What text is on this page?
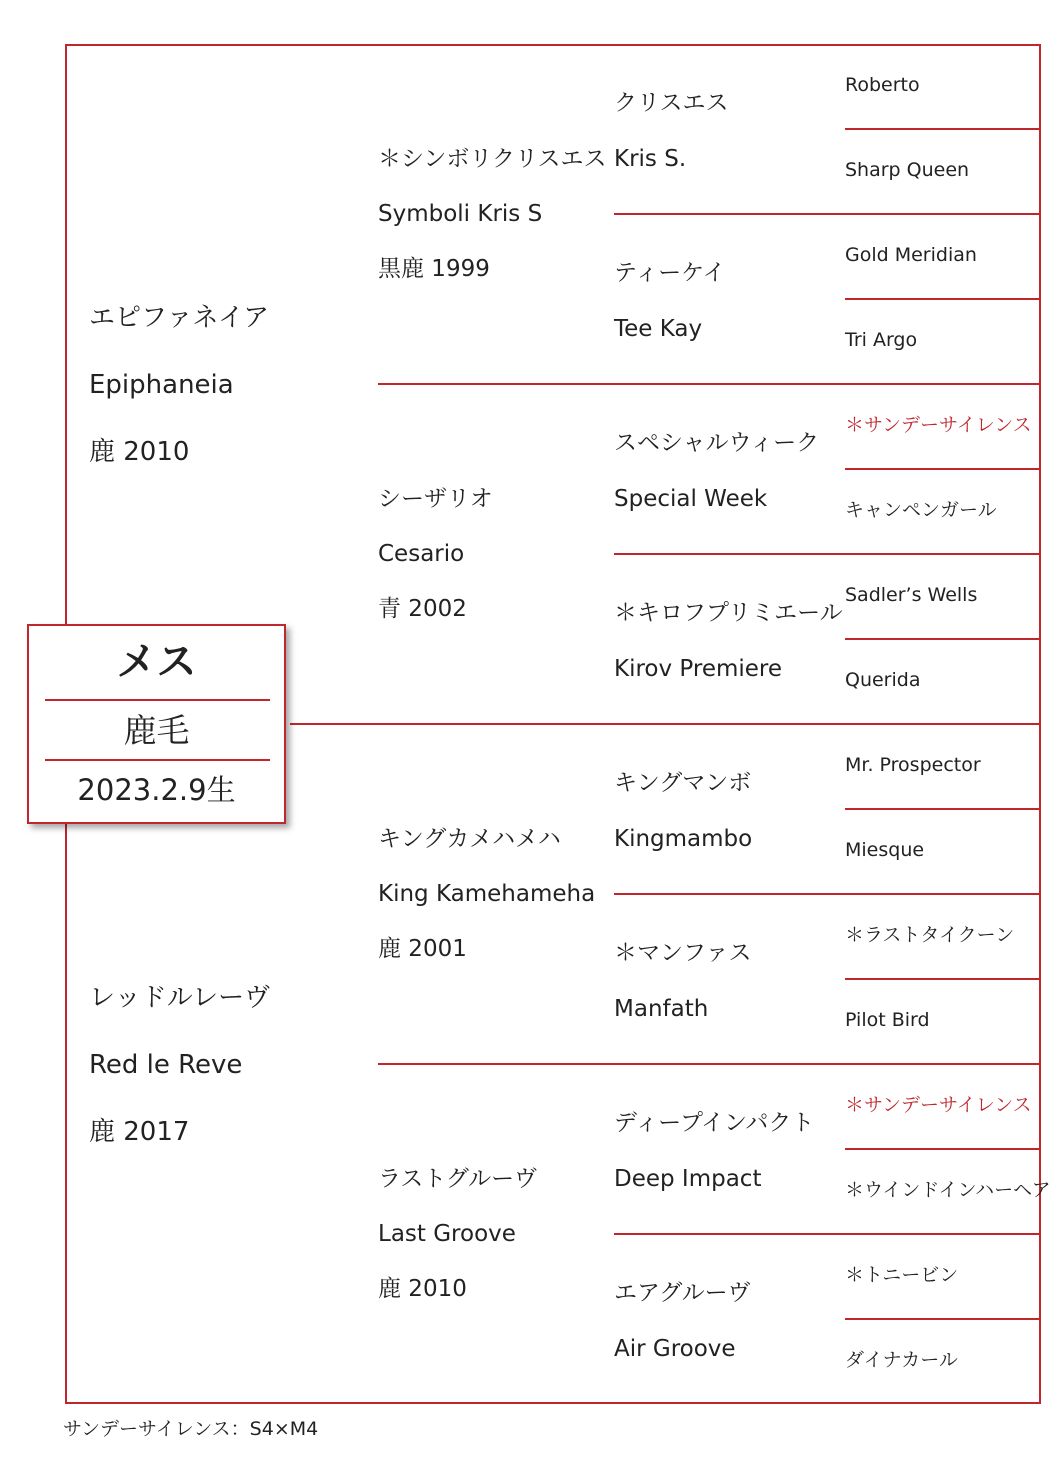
エピファネイア
Epiphaneia
鹿 2010
レッドルレーヴ
Red le Reve
鹿 2017
＊シンボリクリスエス
Symboli Kris S
黒鹿 1999
シーザリオ
Cesario
青 2002
キングカメハメハ
King Kamehameha
鹿 2001
ラストグルーヴ
Last Groove
鹿 2010
クリスエス
Kris S.
ティーケイ
Tee Kay
スペシャルウィーク
Special Week
＊キロフプリミエール
Kirov Premiere
キングマンボ
Kingmambo
＊マンファス
Manfath
ディープインパクト
Deep Impact
エアグルーヴ
Air Groove
Roberto
Sharp Queen
Gold Meridian
Tri Argo
＊サンデーサイレンス
キャンペンガール
Sadler’s Wells
Querida
Mr. Prospector
Miesque
＊ラストタイクーン
Pilot Bird
＊サンデーサイレンス
＊ウインドインハーヘア
＊トニービン
ダイナカール
メス
鹿毛
2023.2.9生
サンデーサイレンス：S4×M4
